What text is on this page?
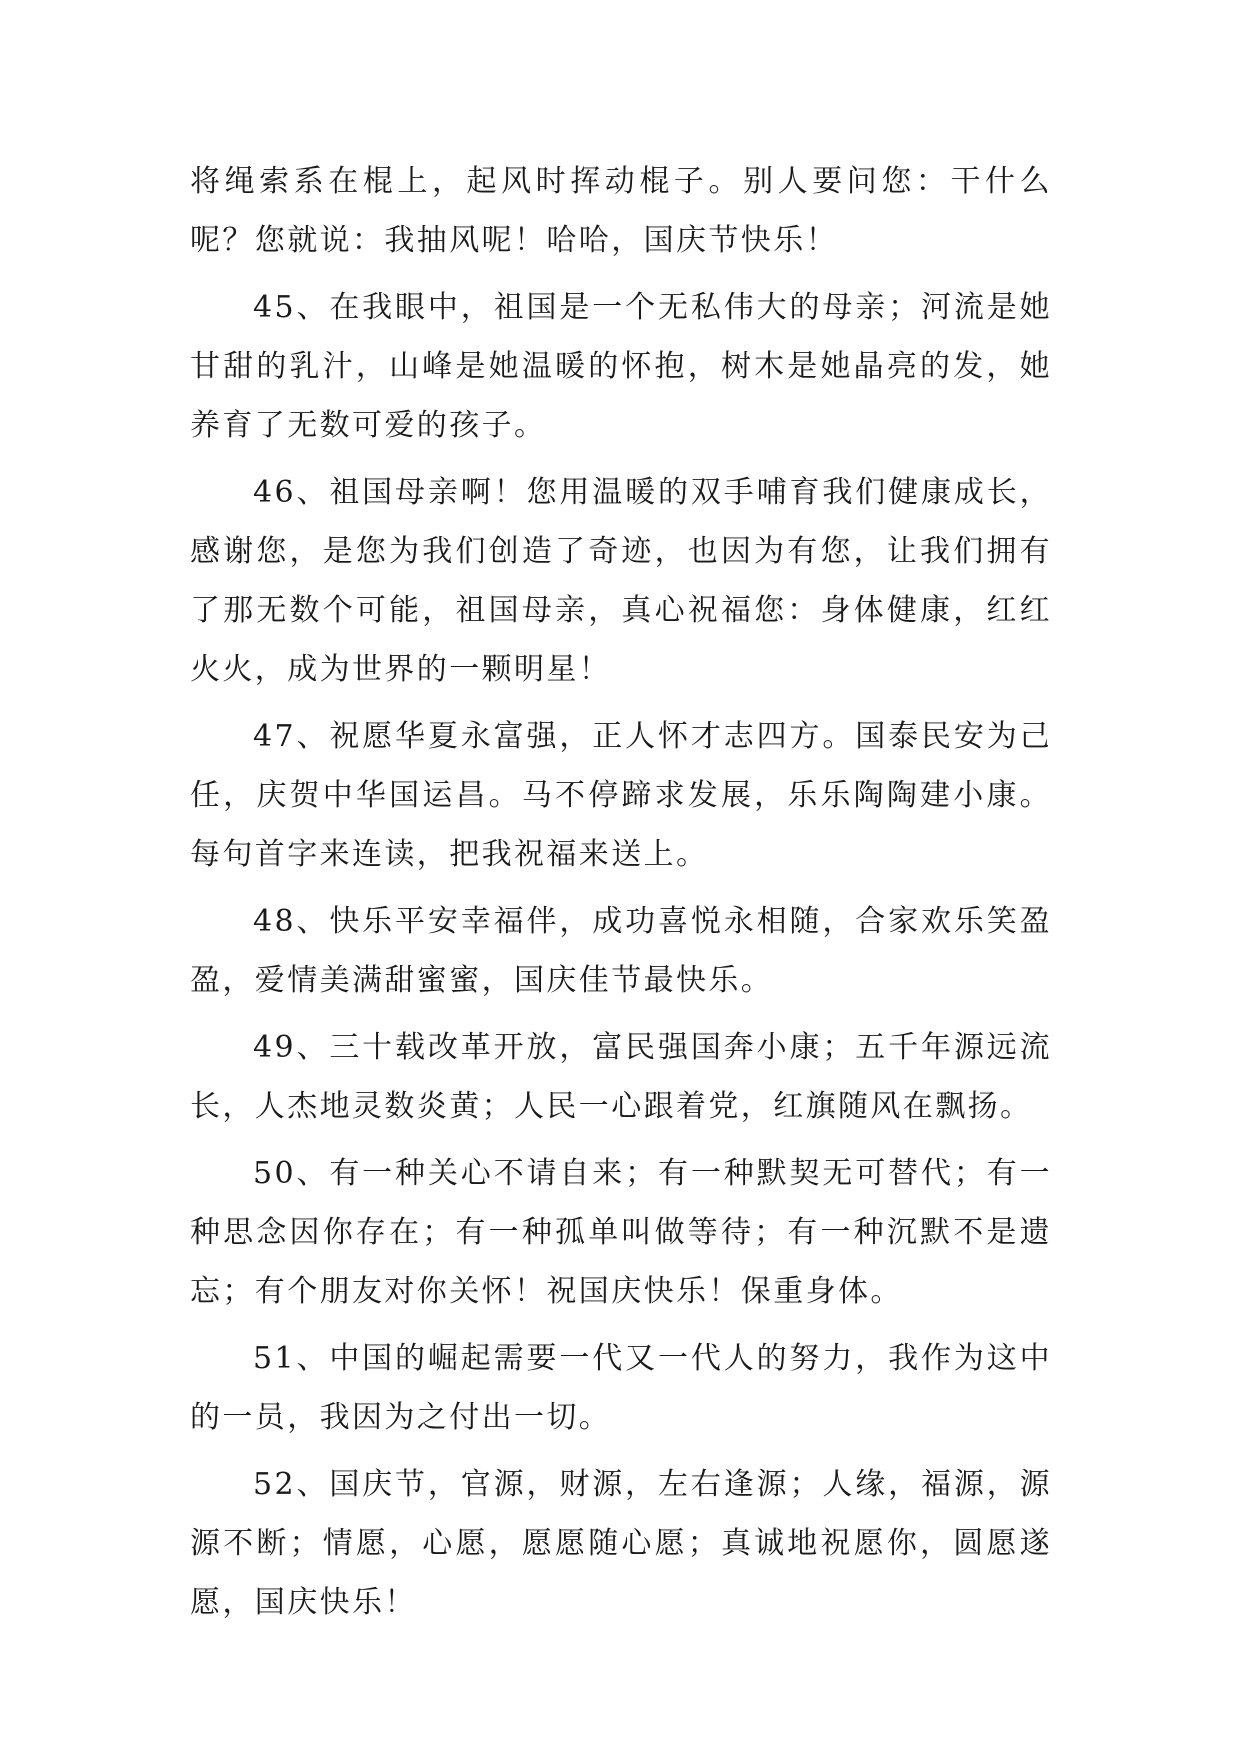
将绳索系在棍上，起风时挥动棍子。别人要问您：干什么呢？您就说：我抽风呢！哈哈，国庆节快乐！

45、在我眼中，祖国是一个无私伟大的母亲；河流是她甘甜的乳汁，山峰是她温暖的怀抱，树木是她晶亮的发，她养育了无数可爱的孩子。

46、祖国母亲啊！您用温暖的双手哺育我们健康成长，感谢您，是您为我们创造了奇迹，也因为有您，让我们拥有了那无数个可能，祖国母亲，真心祝福您：身体健康，红红火火，成为世界的一颗明星！

47、祝愿华夏永富强，正人怀才志四方。国泰民安为己任，庆贺中华国运昌。马不停蹄求发展，乐乐陶陶建小康。每句首字来连读，把我祝福来送上。

48、快乐平安幸福伴，成功喜悦永相随，合家欢乐笑盈盈，爱情美满甜蜜蜜，国庆佳节最快乐。

49、三十载改革开放，富民强国奔小康；五千年源远流长，人杰地灵数炎黄；人民一心跟着党，红旗随风在飘扬。

50、有一种关心不请自来；有一种默契无可替代；有一种思念因你存在；有一种孤单叫做等待；有一种沉默不是遗忘；有个朋友对你关怀！祝国庆快乐！保重身体。

51、中国的崛起需要一代又一代人的努力，我作为这中的一员，我因为之付出一切。

52、国庆节，官源，财源，左右逢源；人缘，福源，源源不断；情愿，心愿，愿愿随心愿；真诚地祝愿你，圆愿遂愿，国庆快乐！
